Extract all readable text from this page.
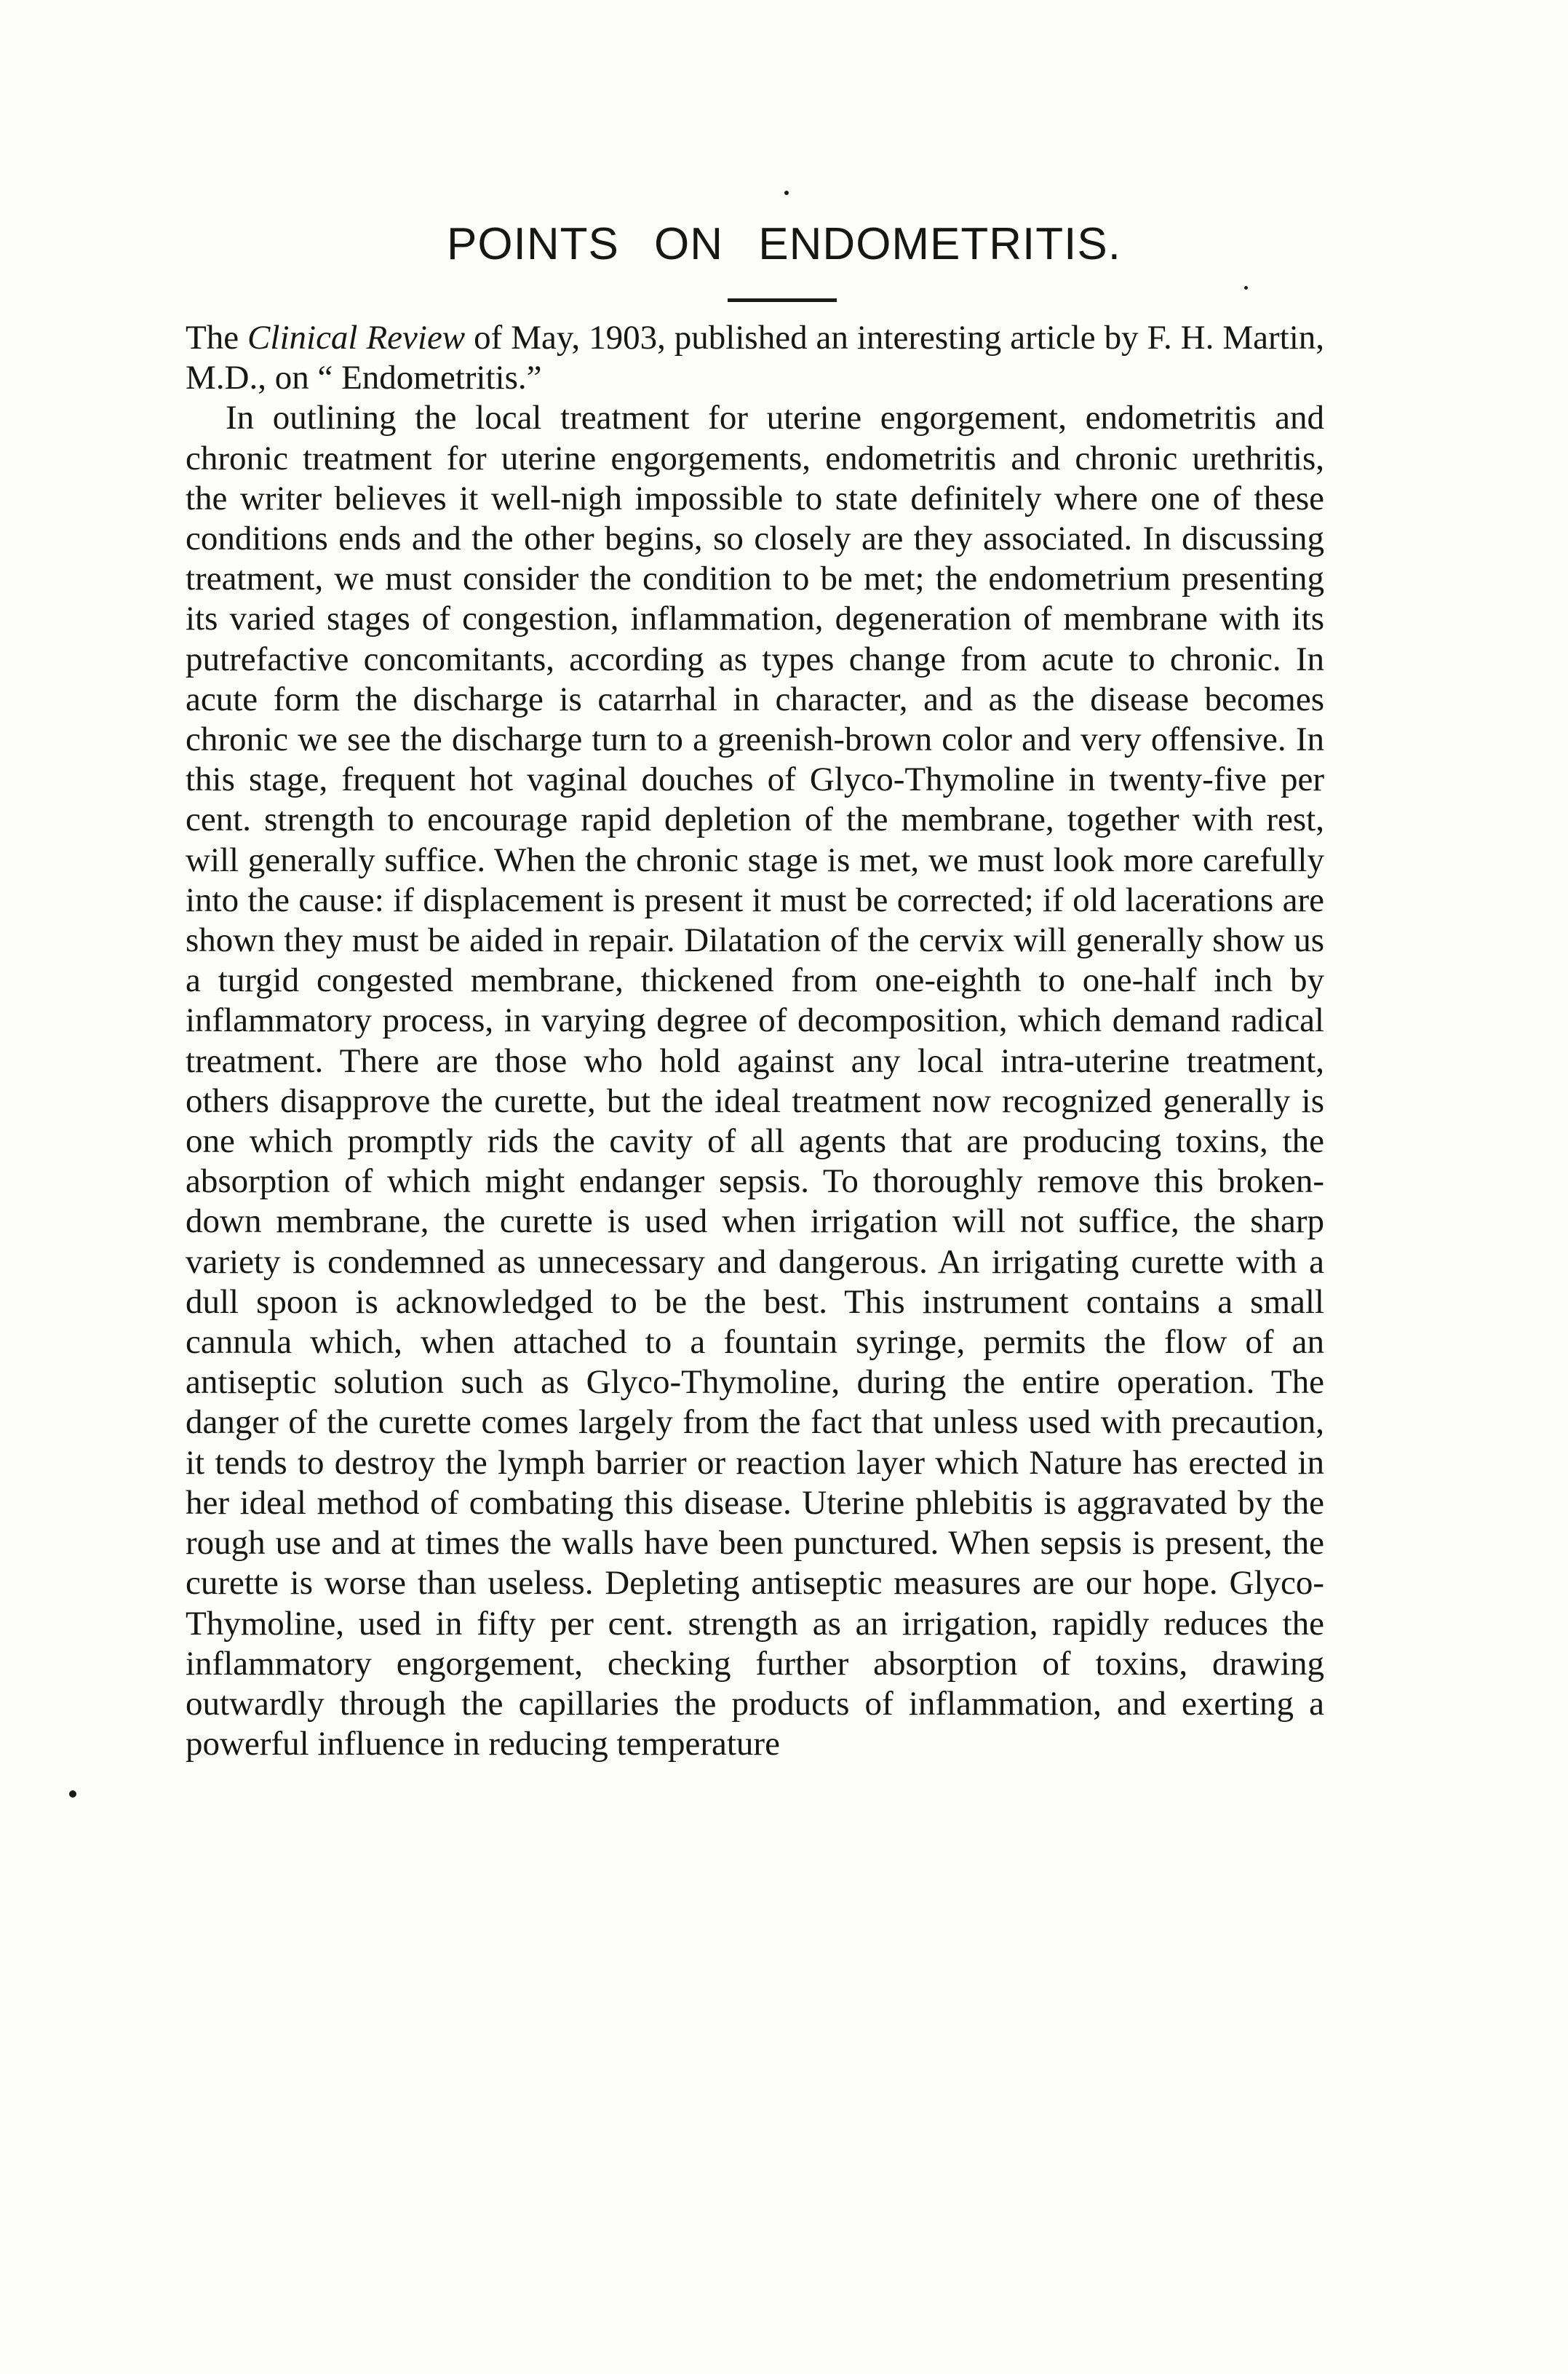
POINTS ON ENDOMETRITIS.

The Clinical Review of May, 1903, published an interesting article by F. H. Martin, M.D., on “ Endometritis.”

In outlining the local treatment for uterine engorgement, endometritis and chronic treatment for uterine engorgements, endometritis and chronic urethritis, the writer believes it well-nigh impossible to state definitely where one of these conditions ends and the other begins, so closely are they associated. In discussing treatment, we must consider the condition to be met; the endometrium presenting its varied stages of congestion, inflammation, degeneration of membrane with its putrefactive concomitants, according as types change from acute to chronic. In acute form the discharge is catarrhal in character, and as the disease becomes chronic we see the discharge turn to a greenish-brown color and very offensive. In this stage, frequent hot vaginal douches of Glyco-Thymoline in twenty-five per cent. strength to encourage rapid depletion of the membrane, together with rest, will generally suffice. When the chronic stage is met, we must look more carefully into the cause: if displacement is present it must be corrected; if old lacerations are shown they must be aided in repair. Dilatation of the cervix will generally show us a turgid congested membrane, thickened from one-eighth to one-half inch by inflammatory process, in varying degree of decomposition, which demand radical treatment. There are those who hold against any local intra-uterine treatment, others disapprove the curette, but the ideal treatment now recognized generally is one which promptly rids the cavity of all agents that are producing toxins, the absorption of which might endanger sepsis. To thoroughly remove this broken-down membrane, the curette is used when irrigation will not suffice, the sharp variety is condemned as unnecessary and dangerous. An irrigating curette with a dull spoon is acknowledged to be the best. This instrument contains a small cannula which, when attached to a fountain syringe, permits the flow of an antiseptic solution such as Glyco-Thymoline, during the entire operation. The danger of the curette comes largely from the fact that unless used with precaution, it tends to destroy the lymph barrier or reaction layer which Nature has erected in her ideal method of combating this disease. Uterine phlebitis is aggravated by the rough use and at times the walls have been punctured. When sepsis is present, the curette is worse than useless. Depleting antiseptic measures are our hope. Glyco-Thymoline, used in fifty per cent. strength as an irrigation, rapidly reduces the inflammatory engorgement, checking further absorption of toxins, drawing outwardly through the capillaries the products of inflammation, and exerting a powerful influence in reducing temperature
